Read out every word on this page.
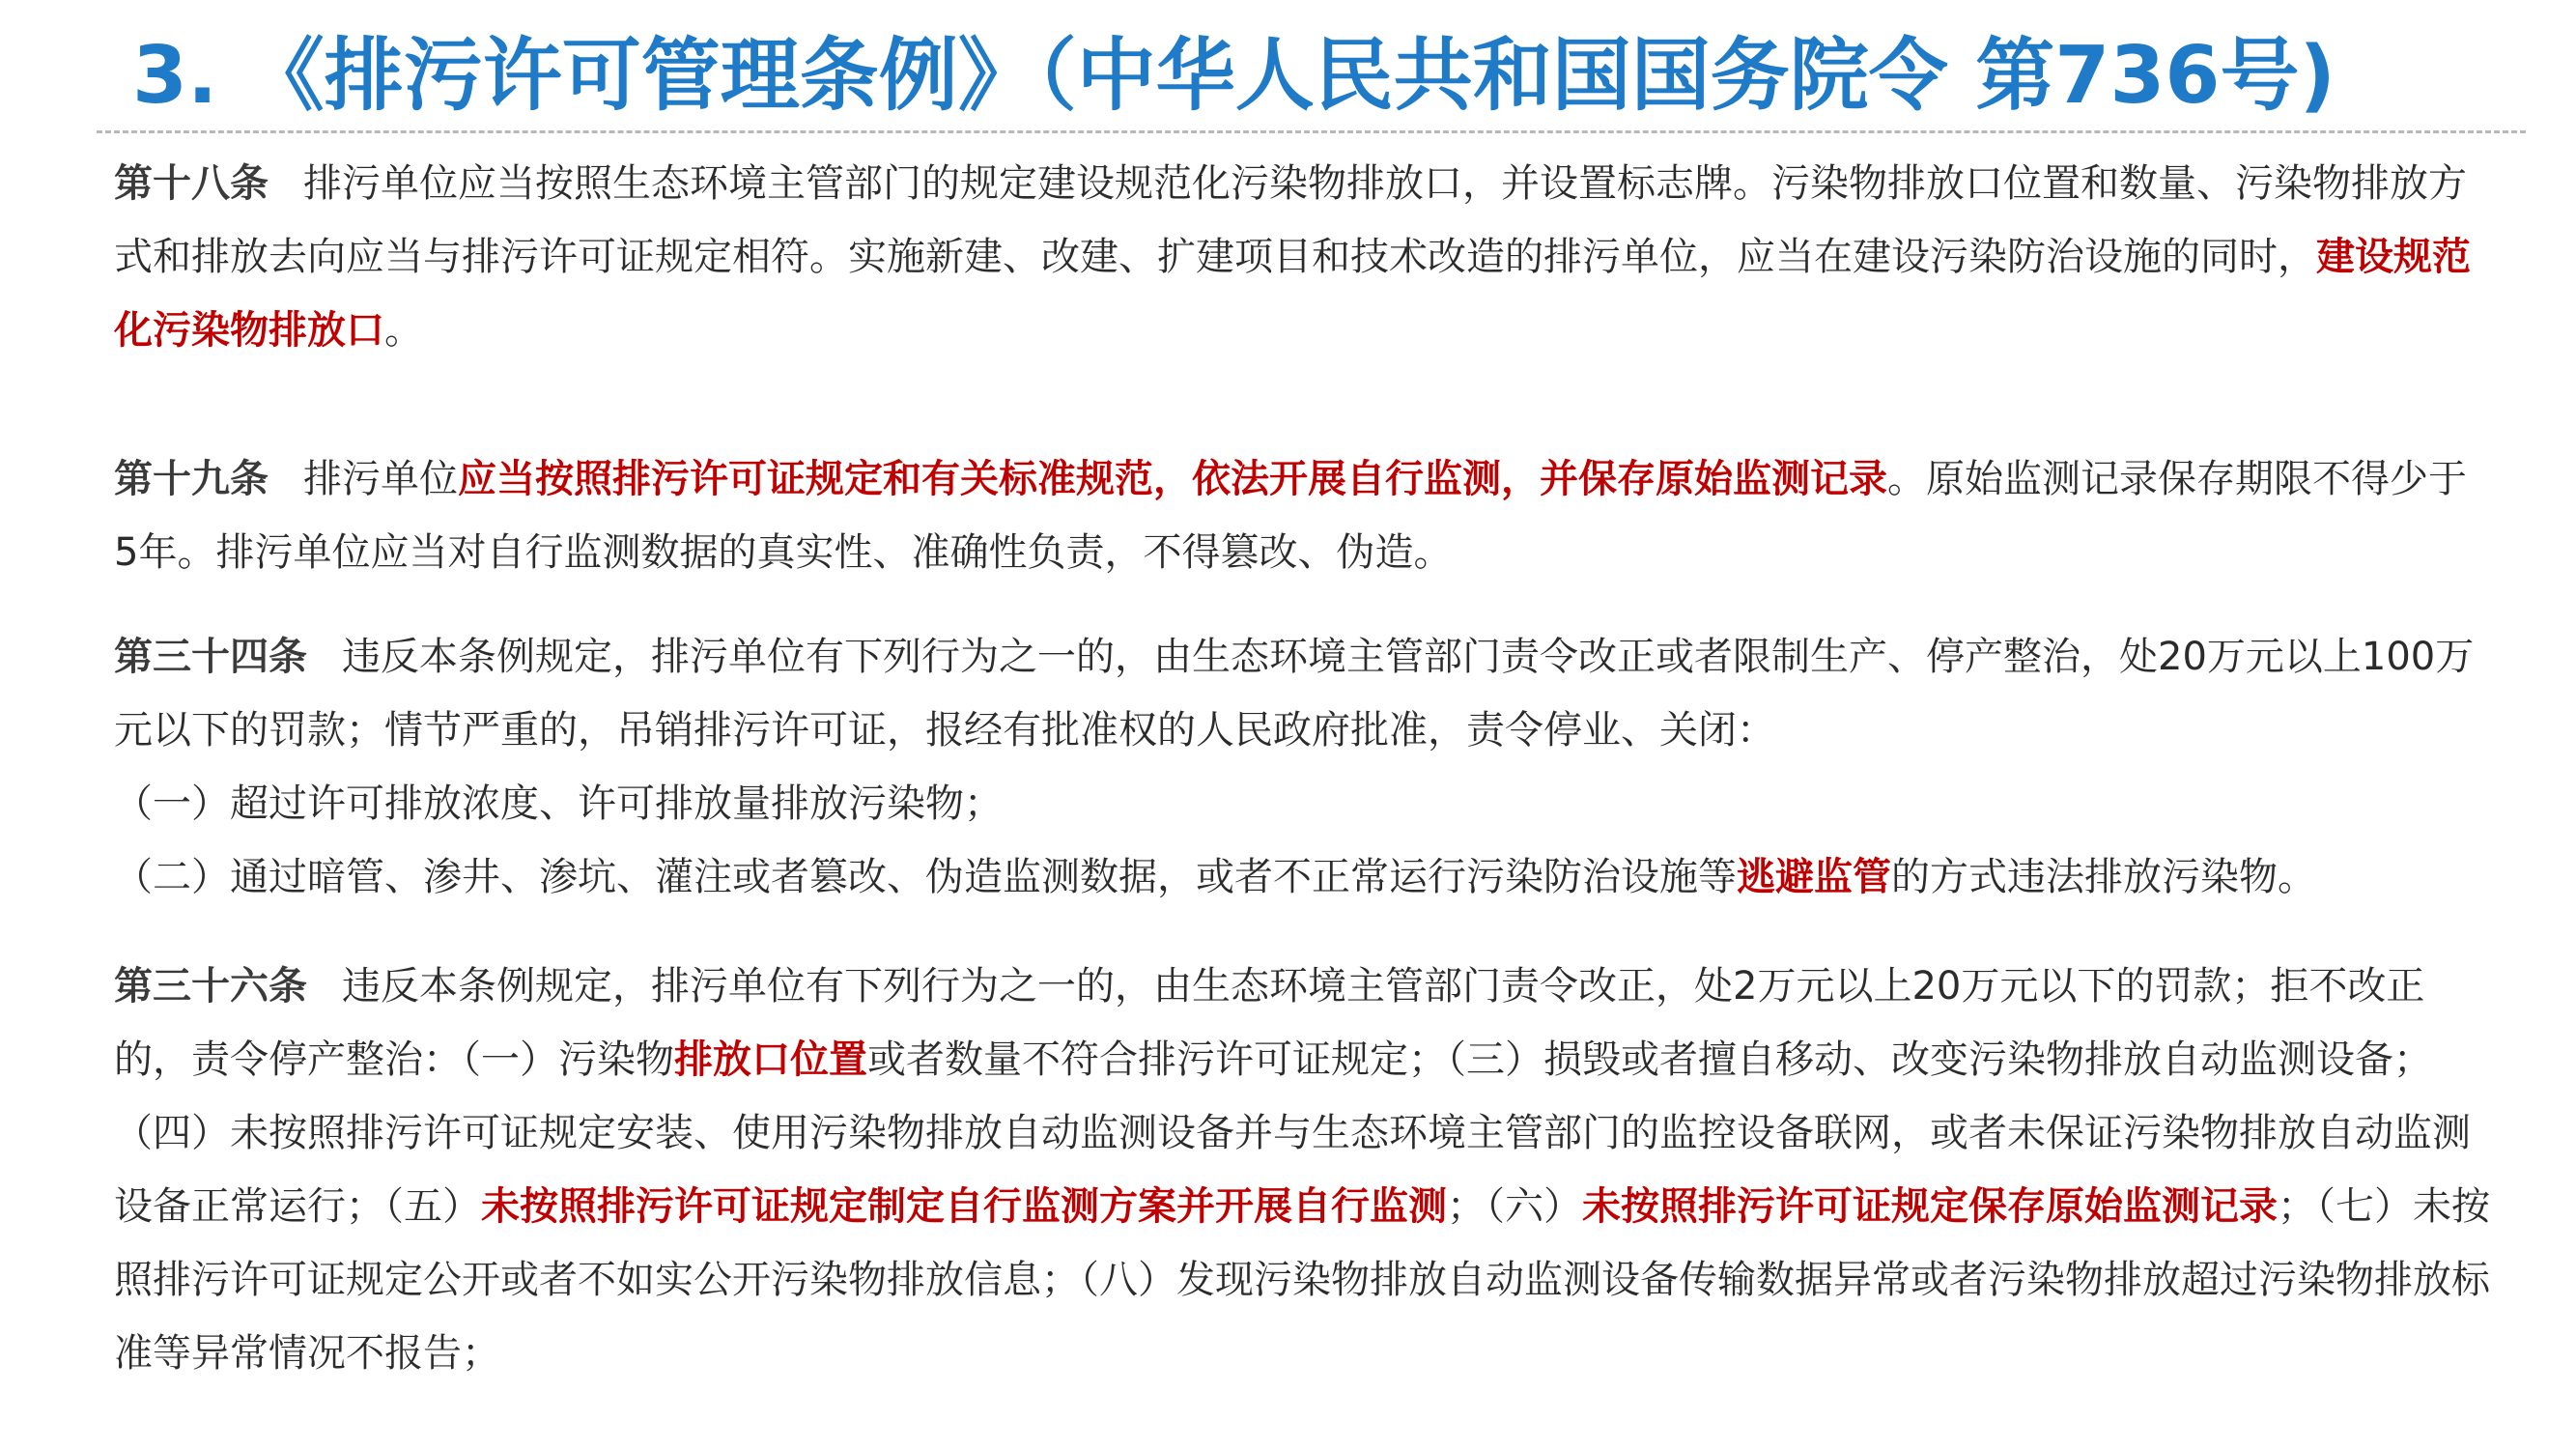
3. 《排污许可管理条例》（中华人民共和国国务院令 第736号)

第十八条 排污单位应当按照生态环境主管部门的规定建设规范化污染物排放口，并设置标志牌。污染物排放口位置和数量、污染物排放方式和排放去向应当与排污许可证规定相符。实施新建、改建、扩建项目和技术改造的排污单位，应当在建设污染防治设施的同时，建设规范化污染物排放口。

第十九条 排污单位应当按照排污许可证规定和有关标准规范，依法开展自行监测，并保存原始监测记录。原始监测记录保存期限不得少于5年。排污单位应当对自行监测数据的真实性、准确性负责，不得篡改、伪造。

第三十四条 违反本条例规定，排污单位有下列行为之一的，由生态环境主管部门责令改正或者限制生产、停产整治，处20万元以上100万元以下的罚款；情节严重的，吊销排污许可证，报经有批准权的人民政府批准，责令停业、关闭：
（一）超过许可排放浓度、许可排放量排放污染物；
（二）通过暗管、渗井、渗坑、灌注或者篡改、伪造监测数据，或者不正常运行污染防治设施等逃避监管的方式违法排放污染物。

第三十六条 违反本条例规定，排污单位有下列行为之一的，由生态环境主管部门责令改正，处2万元以上20万元以下的罚款；拒不改正的，责令停产整治：（一）污染物排放口位置或者数量不符合排污许可证规定；（三）损毁或者擅自移动、改变污染物排放自动监测设备；（四）未按照排污许可证规定安装、使用污染物排放自动监测设备并与生态环境主管部门的监控设备联网，或者未保证污染物排放自动监测设备正常运行；（五）未按照排污许可证规定制定自行监测方案并开展自行监测；（六）未按照排污许可证规定保存原始监测记录；（七）未按照排污许可证规定公开或者不如实公开污染物排放信息；（八）发现污染物排放自动监测设备传输数据异常或者污染物排放超过污染物排放标准等异常情况不报告；
